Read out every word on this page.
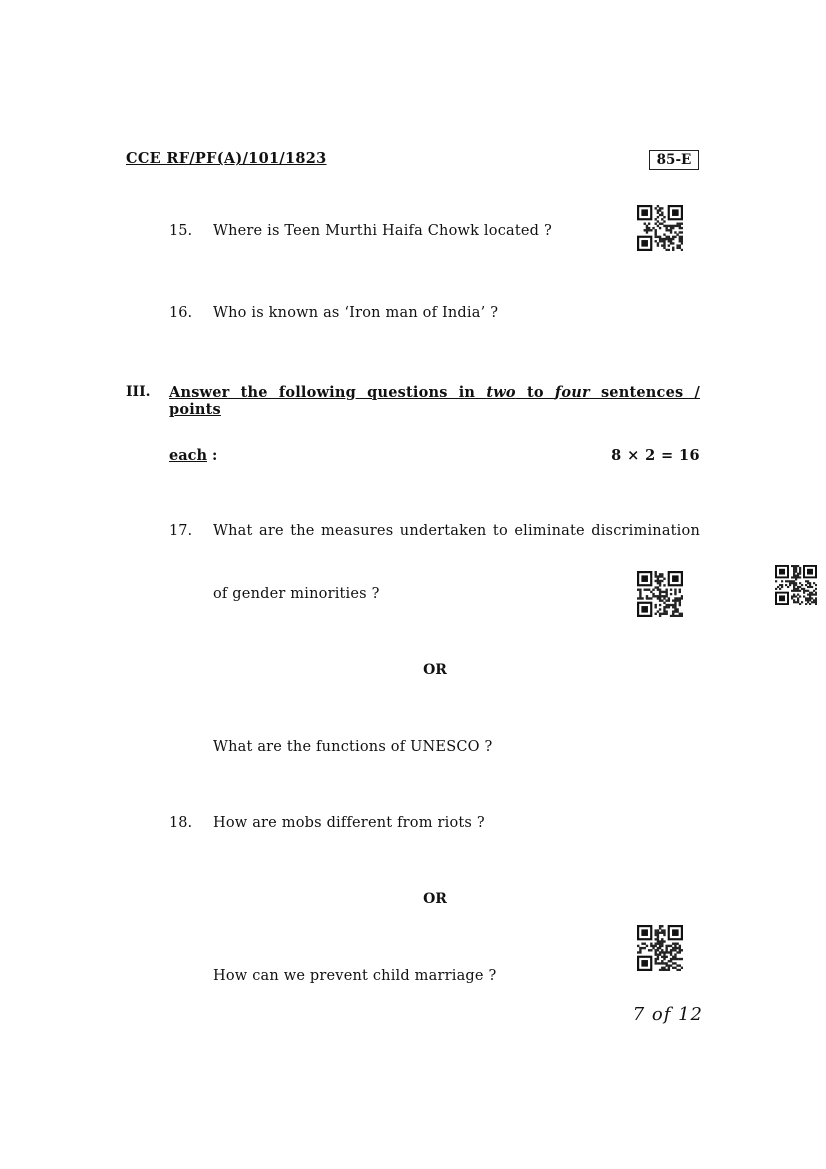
CCE RF/PF(A)/101/1823	85-E
15. Where is Teen Murthi Haifa Chowk located ?
16. Who is known as ‘Iron man of India’ ?
III. Answer the following questions in two to four sentences / points
each :	8 × 2 = 16
17. What are the measures undertaken to eliminate discrimination
of gender minorities ?
OR
What are the functions of UNESCO ?
18. How are mobs different from riots ?
OR
How can we prevent child marriage ?
7 of 12
